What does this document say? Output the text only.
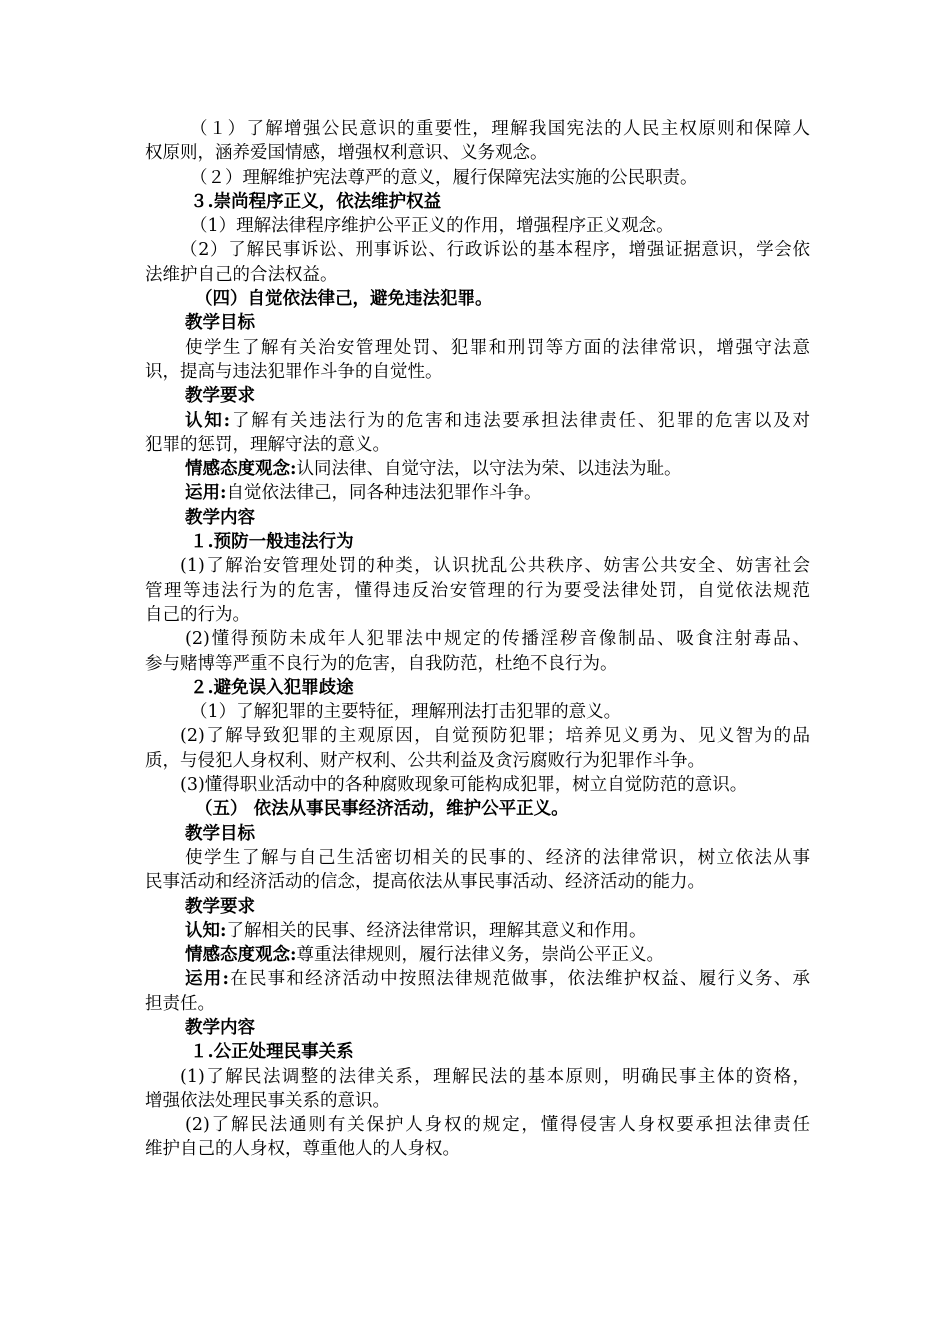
（１）了解增强公民意识的重要性，理解我国宪法的人民主权原则和保障人
权原则，涵养爱国情感，增强权利意识、义务观念。
（２）理解维护宪法尊严的意义，履行保障宪法实施的公民职责。
３.崇尚程序正义，依法维护权益
（1）理解法律程序维护公平正义的作用，增强程序正义观念。
（2）了解民事诉讼、刑事诉讼、行政诉讼的基本程序，增强证据意识，学会依
法维护自己的合法权益。
（四）自觉依法律己，避免违法犯罪。
教学目标
使学生了解有关治安管理处罚、犯罪和刑罚等方面的法律常识，增强守法意
识，提高与违法犯罪作斗争的自觉性。
教学要求
认知:了解有关违法行为的危害和违法要承担法律责任、犯罪的危害以及对
犯罪的惩罚，理解守法的意义。
情感态度观念:认同法律、自觉守法，以守法为荣、以违法为耻。
运用:自觉依法律己，同各种违法犯罪作斗争。
教学内容
１.预防一般违法行为
(1)了解治安管理处罚的种类，认识扰乱公共秩序、妨害公共安全、妨害社会
管理等违法行为的危害，懂得违反治安管理的行为要受法律处罚，自觉依法规范
自己的行为。
(2)懂得预防未成年人犯罪法中规定的传播淫秽音像制品、吸食注射毒品、
参与赌博等严重不良行为的危害，自我防范，杜绝不良行为。
２.避免误入犯罪歧途
（1）了解犯罪的主要特征，理解刑法打击犯罪的意义。
(2)了解导致犯罪的主观原因，自觉预防犯罪；培养见义勇为、见义智为的品
质，与侵犯人身权利、财产权利、公共利益及贪污腐败行为犯罪作斗争。
(3)懂得职业活动中的各种腐败现象可能构成犯罪，树立自觉防范的意识。
（五） 依法从事民事经济活动，维护公平正义。
教学目标
使学生了解与自己生活密切相关的民事的、经济的法律常识，树立依法从事
民事活动和经济活动的信念，提高依法从事民事活动、经济活动的能力。
教学要求
认知:了解相关的民事、经济法律常识，理解其意义和作用。
情感态度观念:尊重法律规则，履行法律义务，崇尚公平正义。
运用:在民事和经济活动中按照法律规范做事，依法维护权益、履行义务、承
担责任。
教学内容
１.公正处理民事关系
(1)了解民法调整的法律关系，理解民法的基本原则，明确民事主体的资格，
增强依法处理民事关系的意识。
(2)了解民法通则有关保护人身权的规定，懂得侵害人身权要承担法律责任
维护自己的人身权，尊重他人的人身权。
